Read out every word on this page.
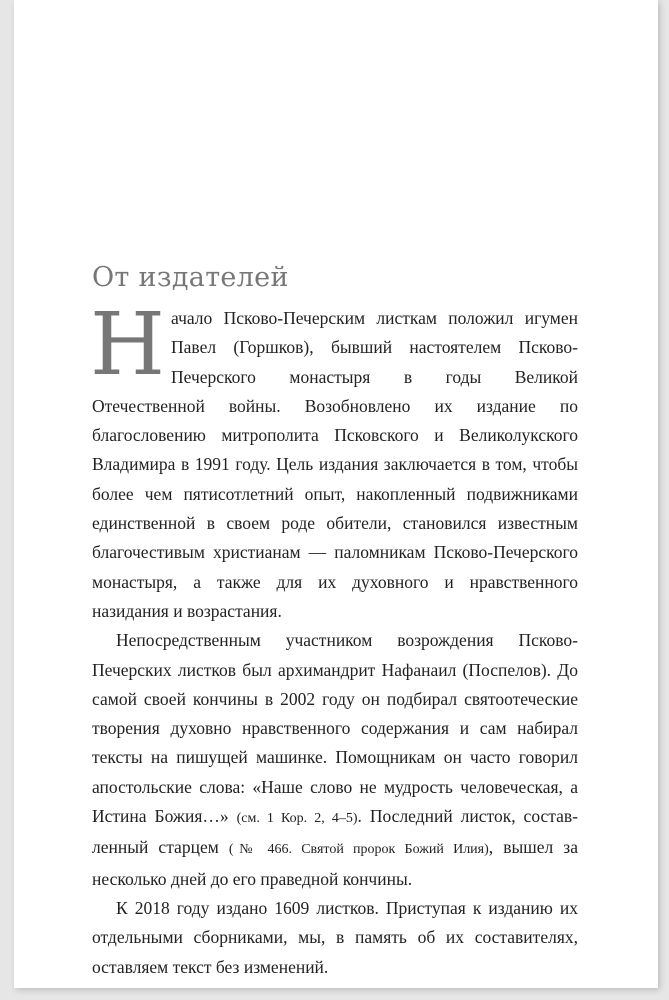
От издателей

Начало Псково-Печерским листкам положил игумен Павел (Горшков), бывший настоятелем Псково-Печерского монастыря в годы Великой Отечественной войны. Возобновлено их издание по благословению митрополита Псковского и Великолукского Владимира в 1991 году. Цель издания заключается в том, чтобы более чем пятисотлетний опыт, накопленный подвижниками единственной в своем роде обители, становился известным благочестивым христианам — паломникам Псково-Печерского монастыря, а также для их духовного и нравственного назидания и возрастания.

Непосредственным участником возрождения Псково-Печерских листков был архимандрит Нафанаил (Поспелов). До самой своей кончины в 2002 году он подбирал святоотеческие творения духовно нравственного содержания и сам набирал тексты на пишущей машинке. Помощникам он часто говорил апостольские слова: «Наше слово не мудрость человеческая, а Истина Божия…» (см. 1 Кор. 2, 4–5). Последний листок, составленный старцем (№ 466. Святой пророк Божий Илия), вышел за несколько дней до его праведной кончины.

К 2018 году издано 1609 листков. Приступая к изданию их отдельными сборниками, мы, в память об их составителях, оставляем текст без изменений.
